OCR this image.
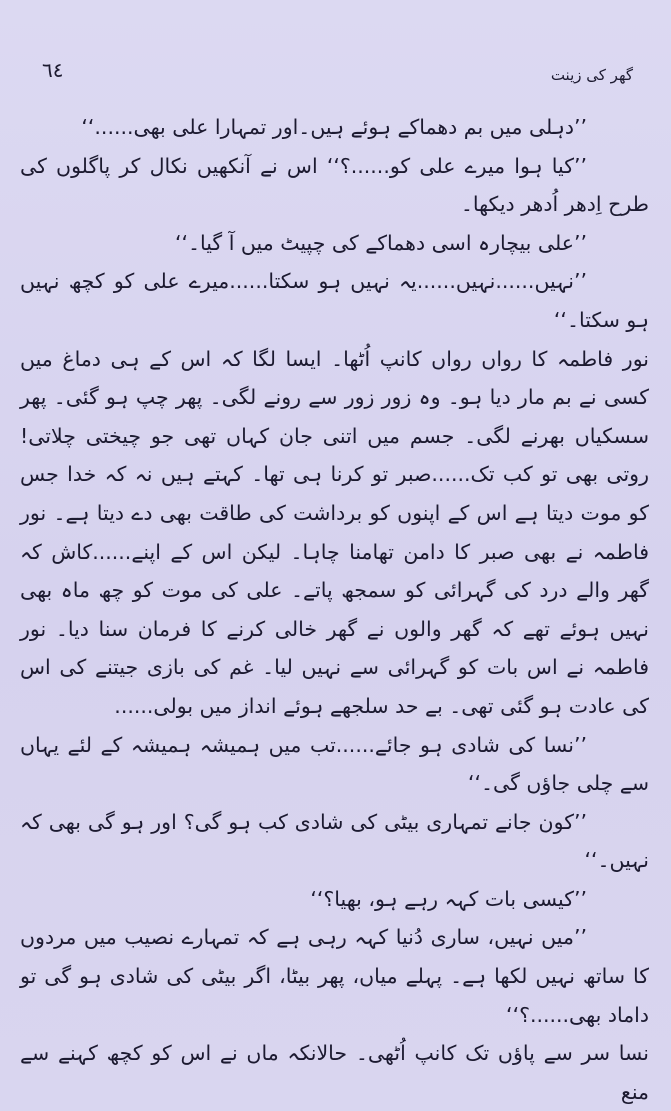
٦٤	گھر کی زینت

’’دہلی میں بم دھماکے ہوئے ہیں۔اور تمہارا علی بھی......‘‘

’’کیا ہوا میرے علی کو......؟‘‘ اس نے آنکھیں نکال کر پاگلوں کی طرح اِدھر اُدھر دیکھا۔

’’علی بیچارہ اسی دھماکے کی چپیٹ میں آ گیا۔‘‘

’’نہیں......نہیں......یہ نہیں ہو سکتا......میرے علی کو کچھ نہیں ہو سکتا۔‘‘

نور فاطمہ کا رواں رواں کانپ اُٹھا۔ ایسا لگا کہ اس کے ہی دماغ میں کسی نے بم مار دیا ہو۔ وہ زور زور سے رونے لگی۔ پھر چپ ہو گئی۔ پھر سسکیاں بھرنے لگی۔ جسم میں اتنی جان کہاں تھی جو چیختی چلاتی! روتی بھی تو کب تک......صبر تو کرنا ہی تھا۔ کہتے ہیں نہ کہ خدا جس کو موت دیتا ہے اس کے اپنوں کو برداشت کی طاقت بھی دے دیتا ہے۔ نور فاطمہ نے بھی صبر کا دامن تھامنا چاہا۔ لیکن اس کے اپنے......کاش کہ گھر والے درد کی گہرائی کو سمجھ پاتے۔ علی کی موت کو چھ ماہ بھی نہیں ہوئے تھے کہ گھر والوں نے گھر خالی کرنے کا فرمان سنا دیا۔ نور فاطمہ نے اس بات کو گہرائی سے نہیں لیا۔ غم کی بازی جیتنے کی اس کی عادت ہو گئی تھی۔ بے حد سلجھے ہوئے انداز میں بولی......

’’نسا کی شادی ہو جائے......تب میں ہمیشہ ہمیشہ کے لئے یہاں سے چلی جاؤں گی۔‘‘

’’کون جانے تمہاری بیٹی کی شادی کب ہو گی؟ اور ہو گی بھی کہ نہیں۔‘‘

’’کیسی بات کہہ رہے ہو، بھیا؟‘‘

’’میں نہیں، ساری دُنیا کہہ رہی ہے کہ تمہارے نصیب میں مردوں کا ساتھ نہیں لکھا ہے۔ پہلے میاں، پھر بیٹا، اگر بیٹی کی شادی ہو گی تو داماد بھی......؟‘‘

نسا سر سے پاؤں تک کانپ اُٹھی۔ حالانکہ ماں نے اس کو کچھ کہنے سے منع
